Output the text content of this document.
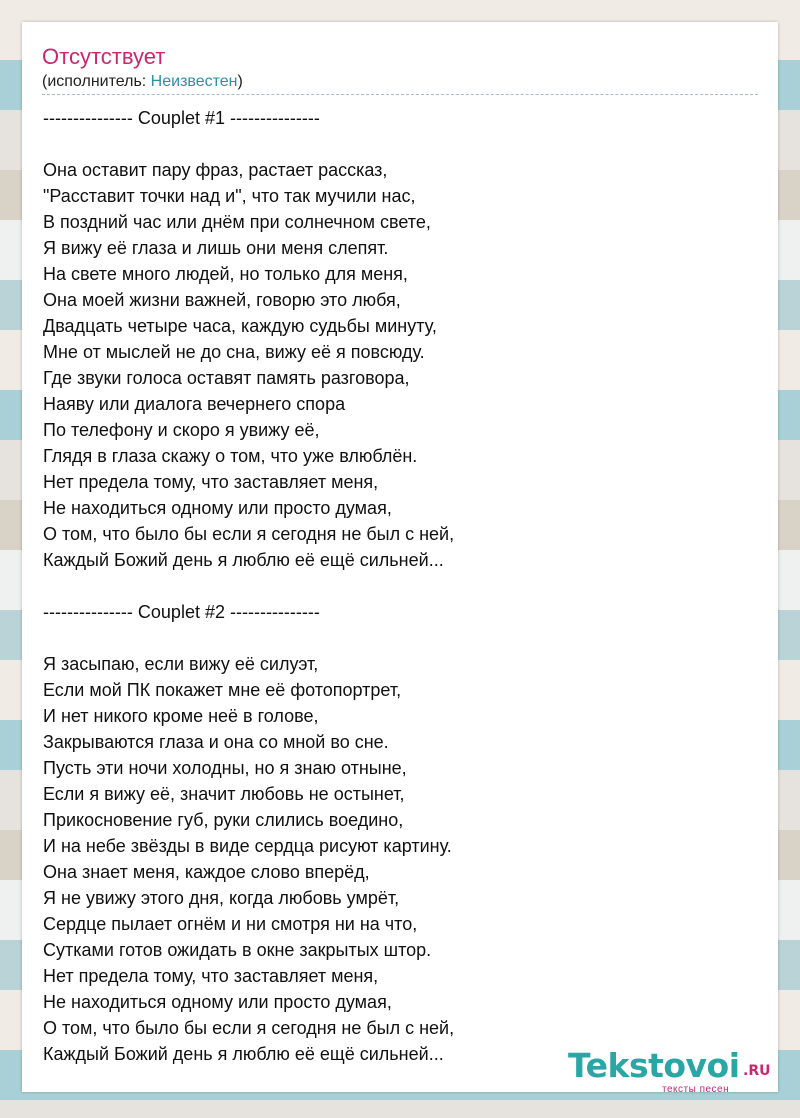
Отсутствует
(исполнитель: Неизвестен)
--------------- Couplet #1 ---------------
Она оставит пару фраз, растает рассказ,
"Расставит точки над и", что так мучили нас,
В поздний час или днём при солнечном свете,
Я вижу её глаза и лишь они меня слепят.
На свете много людей, но только для меня,
Она моей жизни важней, говорю это любя,
Двадцать четыре часа, каждую судьбы минуту,
Мне от мыслей не до сна, вижу её я повсюду.
Где звуки голоса оставят память разговора,
Наяву или диалога вечернего спора
По телефону и скоро я увижу её,
Глядя в глаза скажу о том, что уже влюблён.
Нет предела тому, что заставляет меня,
Не находиться одному или просто думая,
О том, что было бы если я сегодня не был с ней,
Каждый Божий день я люблю её ещё сильней...
--------------- Couplet #2 ---------------
Я засыпаю, если вижу её силуэт,
Если мой ПК покажет мне её фотопортрет,
И нет никого кроме неё в голове,
Закрываются глаза и она со мной во сне.
Пусть эти ночи холодны, но я знаю отныне,
Если я вижу её, значит любовь не остынет,
Прикосновение губ, руки слились воедино,
И на небе звёзды в виде сердца рисуют картину.
Она знает меня, каждое слово вперёд,
Я не увижу этого дня, когда любовь умрёт,
Сердце пылает огнём и ни смотря ни на что,
Сутками готов ожидать в окне закрытых штор.
Нет предела тому, что заставляет меня,
Не находиться одному или просто думая,
О том, что было бы если я сегодня не был с ней,
Каждый Божий день я люблю её ещё сильней...	Tekstovoi .RU
тексты песен
